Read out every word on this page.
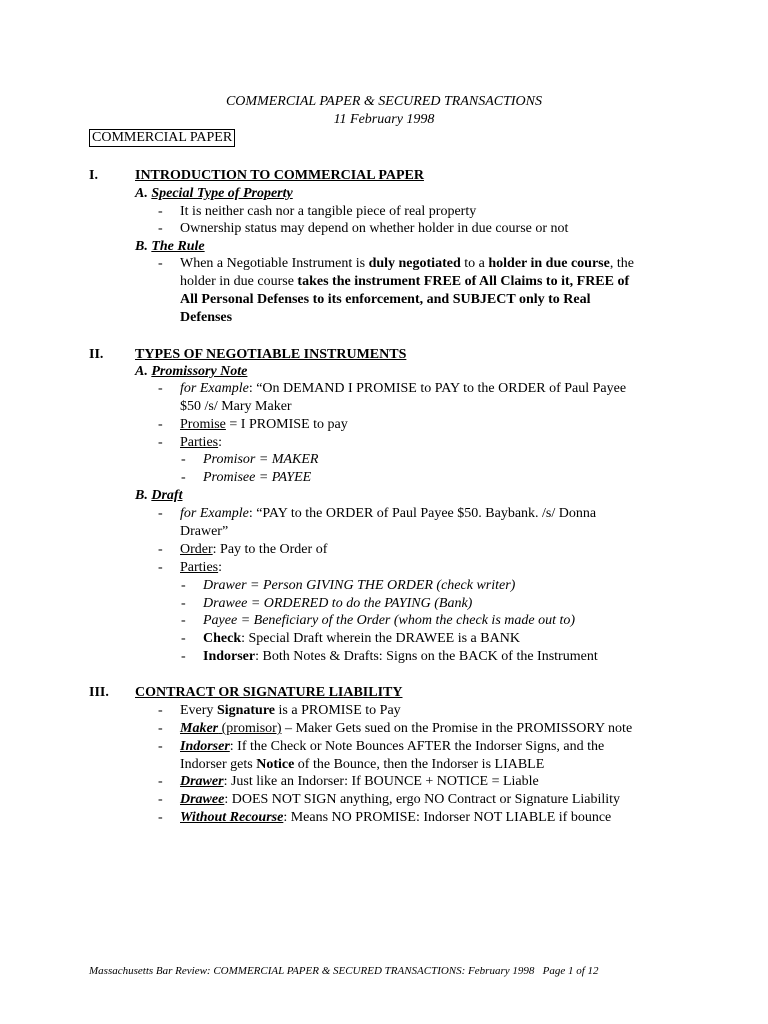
COMMERCIAL PAPER & SECURED TRANSACTIONS
11 February 1998
COMMERCIAL PAPER
I.	INTRODUCTION TO COMMERCIAL PAPER
A. Special Type of Property
- It is neither cash nor a tangible piece of real property
- Ownership status may depend on whether holder in due course or not
B. The Rule
- When a Negotiable Instrument is duly negotiated to a holder in due course, the
holder in due course takes the instrument FREE of All Claims to it, FREE of
All Personal Defenses to its enforcement, and SUBJECT only to Real
Defenses
II.	TYPES OF NEGOTIABLE INSTRUMENTS
A. Promissory Note
- for Example: “On DEMAND I PROMISE to PAY to the ORDER of Paul Payee
$50 /s/ Mary Maker
- Promise = I PROMISE to pay
- Parties:
- Promisor = MAKER
- Promisee = PAYEE
B. Draft
- for Example: “PAY to the ORDER of Paul Payee $50. Baybank. /s/ Donna
Drawer”
- Order: Pay to the Order of
- Parties:
- Drawer = Person GIVING THE ORDER (check writer)
- Drawee = ORDERED to do the PAYING (Bank)
- Payee = Beneficiary of the Order (whom the check is made out to)
- Check: Special Draft wherein the DRAWEE is a BANK
- Indorser: Both Notes & Drafts: Signs on the BACK of the Instrument
III.	CONTRACT OR SIGNATURE LIABILITY
- Every Signature is a PROMISE to Pay
- Maker (promisor) – Maker Gets sued on the Promise in the PROMISSORY note
- Indorser: If the Check or Note Bounces AFTER the Indorser Signs, and the
Indorser gets Notice of the Bounce, then the Indorser is LIABLE
- Drawer: Just like an Indorser: If BOUNCE + NOTICE = Liable
- Drawee: DOES NOT SIGN anything, ergo NO Contract or Signature Liability
- Without Recourse: Means NO PROMISE: Indorser NOT LIABLE if bounce
Massachusetts Bar Review: COMMERCIAL PAPER & SECURED TRANSACTIONS: February 1998   Page 1 of 12
